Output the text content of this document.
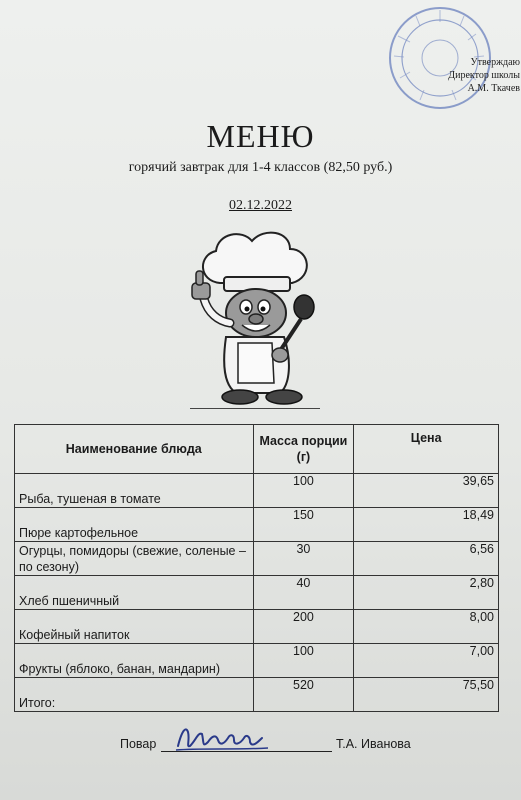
Утверждаю
Директор школы
А.М. Ткачев
МЕНЮ
горячий завтрак для 1-4 классов (82,50 руб.)
02.12.2022
Наименование блюда	Масса порции (г)	Цена
Рыба, тушеная в томате	100	39,65
Пюре картофельное	150	18,49
Огурцы, помидоры (свежие, соленые – по сезону)	30	6,56
Хлеб пшеничный	40	2,80
Кофейный напиток	200	8,00
Фрукты (яблоко, банан, мандарин)	100	7,00
Итого:	520	75,50
Повар	Т.А. Иванова
